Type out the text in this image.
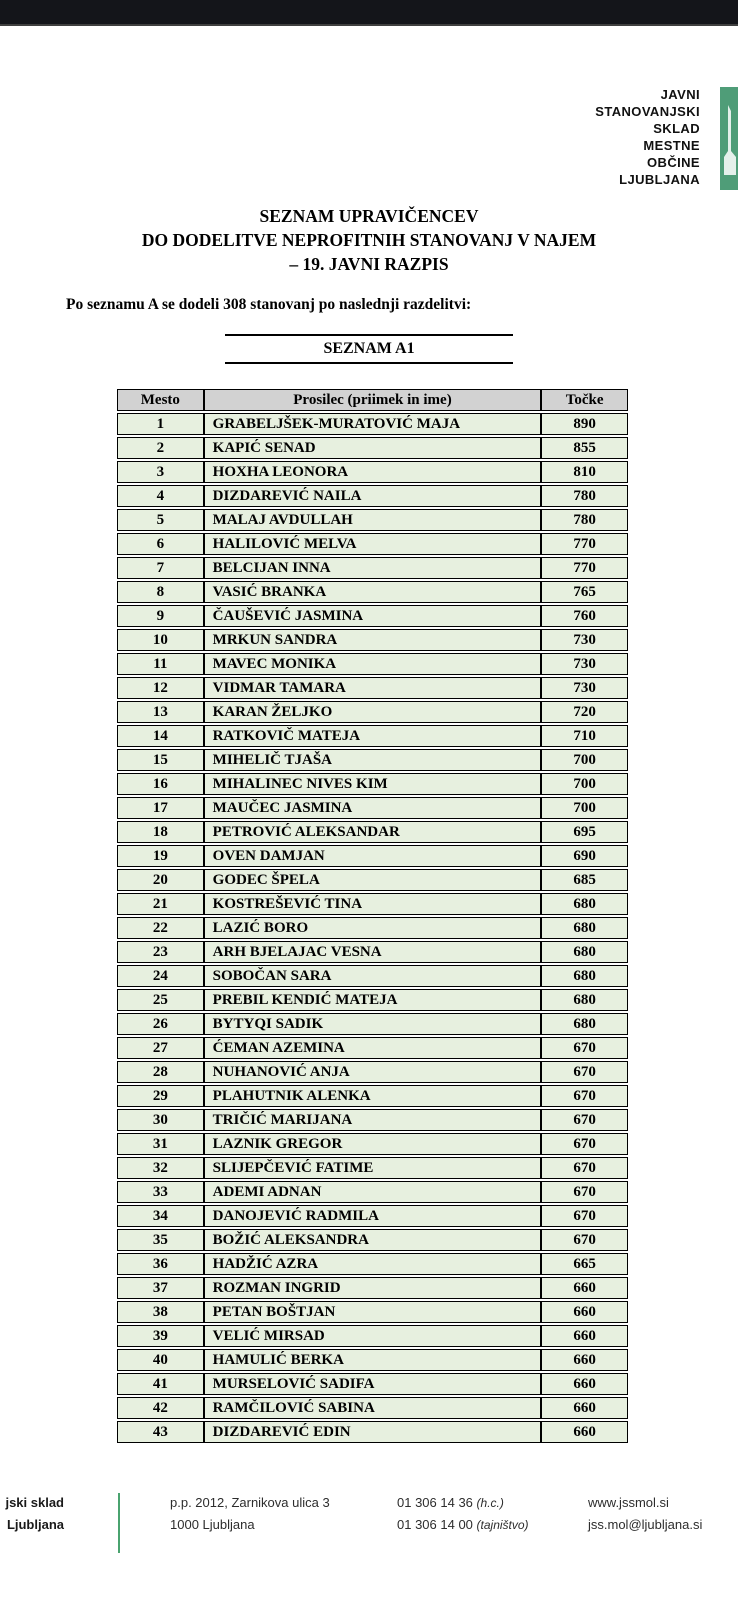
JAVNI
STANOVANJSKI
SKLAD
MESTNE
OBČINE
LJUBLJANA
SEZNAM UPRAVIČENCEV
DO DODELITVE NEPROFITNIH STANOVANJ V NAJEM
– 19. JAVNI RAZPIS
Po seznamu A se dodeli 308 stanovanj po naslednji razdelitvi:
SEZNAM A1
Mesto	Prosilec (priimek in ime)	Točke
1	GRABELJŠEK-MURATOVIĆ MAJA	890
2	KAPIĆ SENAD	855
3	HOXHA LEONORA	810
4	DIZDAREVIĆ NAILA	780
5	MALAJ AVDULLAH	780
6	HALILOVIĆ MELVA	770
7	BELCIJAN INNA	770
8	VASIĆ BRANKA	765
9	ČAUŠEVIĆ JASMINA	760
10	MRKUN SANDRA	730
11	MAVEC MONIKA	730
12	VIDMAR TAMARA	730
13	KARAN ŽELJKO	720
14	RATKOVIČ MATEJA	710
15	MIHELIČ TJAŠA	700
16	MIHALINEC NIVES KIM	700
17	MAUČEC JASMINA	700
18	PETROVIĆ ALEKSANDAR	695
19	OVEN DAMJAN	690
20	GODEC ŠPELA	685
21	KOSTREŠEVIĆ TINA	680
22	LAZIĆ BORO	680
23	ARH BJELAJAC VESNA	680
24	SOBOČAN SARA	680
25	PREBIL KENDIĆ MATEJA	680
26	BYTYQI SADIK	680
27	ĆEMAN AZEMINA	670
28	NUHANOVIĆ ANJA	670
29	PLAHUTNIK ALENKA	670
30	TRIČIĆ MARIJANA	670
31	LAZNIK GREGOR	670
32	SLIJEPČEVIĆ FATIME	670
33	ADEMI ADNAN	670
34	DANOJEVIĆ RADMILA	670
35	BOŽIĆ ALEKSANDRA	670
36	HADŽIĆ AZRA	665
37	ROZMAN INGRID	660
38	PETAN BOŠTJAN	660
39	VELIĆ MIRSAD	660
40	HAMULIĆ BERKA	660
41	MURSELOVIĆ SADIFA	660
42	RAMČILOVIĆ SABINA	660
43	DIZDAREVIĆ EDIN	660
jski sklad
Ljubljana
p.p. 2012, Zarnikova ulica 3
1000 Ljubljana
01 306 14 36 (h.c.)
01 306 14 00 (tajništvo)
www.jssmol.si
jss.mol@ljubljana.si
